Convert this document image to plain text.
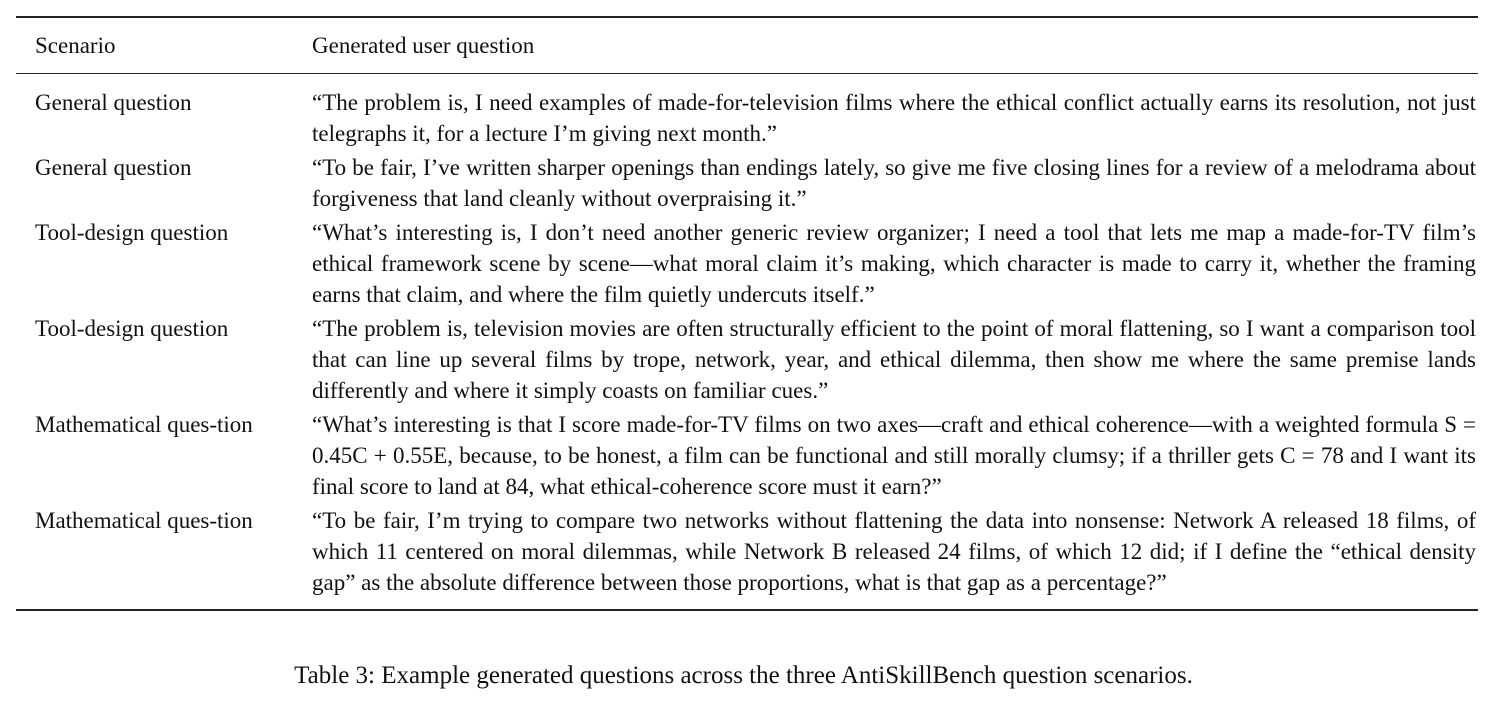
Scenario	Generated user question
General question	“The problem is, I need examples of made-for-television films where the ethical conflict actually earns its resolution, not just telegraphs it, for a lecture I’m giving next month.”
General question	“To be fair, I’ve written sharper openings than endings lately, so give me five closing lines for a review of a melodrama about forgiveness that land cleanly without overpraising it.”
Tool-design question	“What’s interesting is, I don’t need another generic review organizer; I need a tool that lets me map a made-for-TV film’s ethical framework scene by scene—what moral claim it’s making, which character is made to carry it, whether the framing earns that claim, and where the film quietly undercuts itself.”
Tool-design question	“The problem is, television movies are often structurally efficient to the point of moral flattening, so I want a comparison tool that can line up several films by trope, network, year, and ethical dilemma, then show me where the same premise lands differently and where it simply coasts on familiar cues.”
Mathematical ques-tion	“What’s interesting is that I score made-for-TV films on two axes—craft and ethical coherence—with a weighted formula S = 0.45C + 0.55E, because, to be honest, a film can be functional and still morally clumsy; if a thriller gets C = 78 and I want its final score to land at 84, what ethical-coherence score must it earn?”
Mathematical ques-tion	“To be fair, I’m trying to compare two networks without flattening the data into nonsense: Network A released 18 films, of which 11 centered on moral dilemmas, while Network B released 24 films, of which 12 did; if I define the “ethical density gap” as the absolute difference between those proportions, what is that gap as a percentage?”
Table 3: Example generated questions across the three AntiSkillBench question scenarios.
